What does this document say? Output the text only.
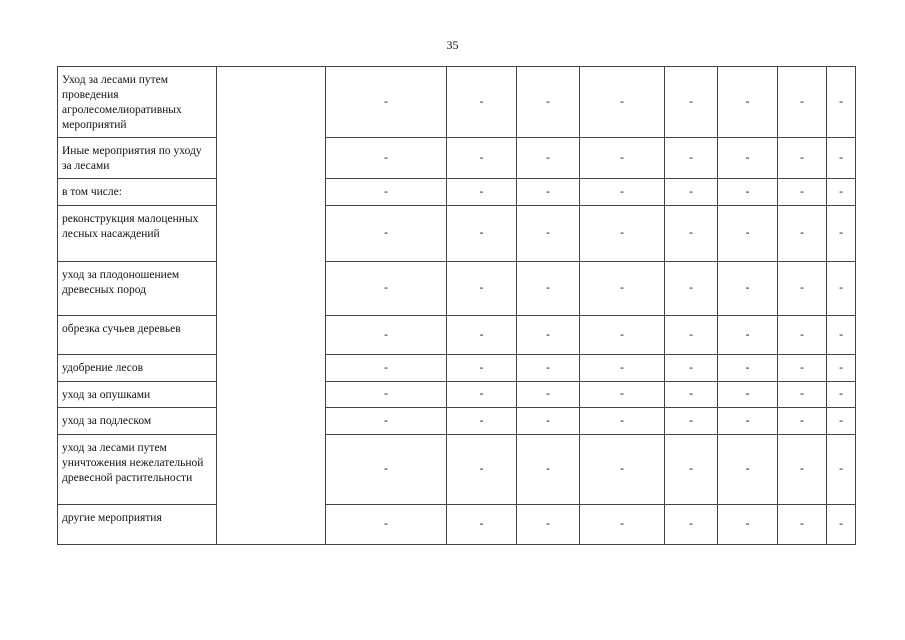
35
Уход за лесами путем проведения агролесомелиоративных мероприятий		-	-	-	-	-	-	-	-
Иные мероприятия по уходу за лесами		-	-	-	-	-	-	-	-
в том числе:		-	-	-	-	-	-	-	-
реконструкция малоценных лесных насаждений		-	-	-	-	-	-	-	-
уход за плодоношением древесных пород		-	-	-	-	-	-	-	-
обрезка сучьев деревьев		-	-	-	-	-	-	-	-
удобрение лесов		-	-	-	-	-	-	-	-
уход за опушками		-	-	-	-	-	-	-	-
уход за подлеском		-	-	-	-	-	-	-	-
уход за лесами путем уничтожения нежелательной древесной растительности		-	-	-	-	-	-	-	-
другие мероприятия		-	-	-	-	-	-	-	-
